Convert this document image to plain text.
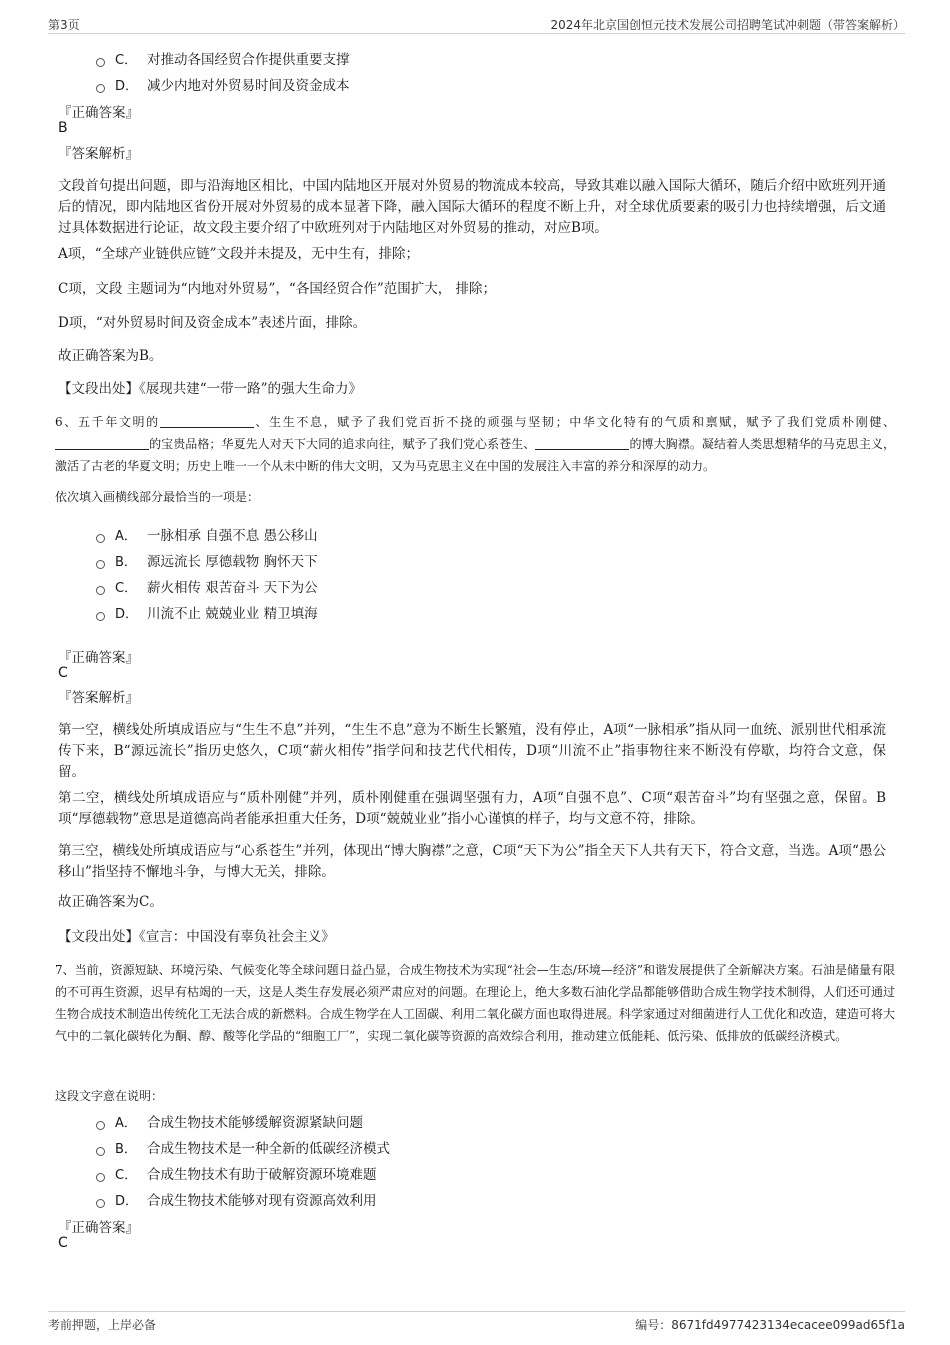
第3页	2024年北京国创恒元技术发展公司招聘笔试冲刺题（带答案解析）
C． 对推动各国经贸合作提供重要支撑
D． 减少内地对外贸易时间及资金成本
『正确答案』
B
『答案解析』
文段首句提出问题，即与沿海地区相比，中国内陆地区开展对外贸易的物流成本较高，导致其难以融入国际大循环，随后介绍中欧班列开通后的情况，即内陆地区省份开展对外贸易的成本显著下降，融入国际大循环的程度不断上升，对全球优质要素的吸引力也持续增强，后文通过具体数据进行论证，故文段主要介绍了中欧班列对于内陆地区对外贸易的推动，对应B项。
A项，“全球产业链供应链”文段并未提及，无中生有，排除；
C项，文段 主题词为“内地对外贸易”，“各国经贸合作”范围扩大， 排除；
D项，“对外贸易时间及资金成本”表述片面，排除。
故正确答案为B。
【文段出处】《展现共建“一带一路”的强大生命力》
6、五千年文明的	、生生不息，赋予了我们党百折不挠的顽强与坚韧；中华文化特有的气质和禀赋，赋予了我们党质朴刚健、的宝贵品格；华夏先人对天下大同的追求向往，赋予了我们党心系苍生、	的博大胸襟。凝结着人类思想精华的马克思主义，激活了古老的华夏文明；历史上唯一一个从未中断的伟大文明，又为马克思主义在中国的发展注入丰富的养分和深厚的动力。
依次填入画横线部分最恰当的一项是：
A． 一脉相承 自强不息 愚公移山
B． 源远流长 厚德载物 胸怀天下
C． 薪火相传 艰苦奋斗 天下为公
D． 川流不止 兢兢业业 精卫填海
『正确答案』
C
『答案解析』
第一空，横线处所填成语应与“生生不息”并列，“生生不息”意为不断生长繁殖，没有停止，A项“一脉相承”指从同一血统、派别世代相承流传下来，B“源远流长”指历史悠久，C项“薪火相传”指学问和技艺代代相传，D项“川流不止”指事物往来不断没有停歇，均符合文意，保留。
第二空，横线处所填成语应与“质朴刚健”并列，质朴刚健重在强调坚强有力，A项“自强不息”、C项“艰苦奋斗”均有坚强之意，保留。B项“厚德载物”意思是道德高尚者能承担重大任务，D项“兢兢业业”指小心谨慎的样子，均与文意不符，排除。
第三空，横线处所填成语应与“心系苍生”并列，体现出“博大胸襟”之意，C项“天下为公”指全天下人共有天下，符合文意，当选。A项“愚公移山”指坚持不懈地斗争，与博大无关，排除。
故正确答案为C。
【文段出处】《宣言：中国没有辜负社会主义》
7、当前，资源短缺、环境污染、气候变化等全球问题日益凸显，合成生物技术为实现“社会—生态/环境—经济”和谐发展提供了全新解决方案。石油是储量有限的不可再生资源，迟早有枯竭的一天，这是人类生存发展必须严肃应对的问题。在理论上，绝大多数石油化学品都能够借助合成生物学技术制得，人们还可通过生物合成技术制造出传统化工无法合成的新燃料。合成生物学在人工固碳、利用二氧化碳方面也取得进展。科学家通过对细菌进行人工优化和改造，建造可将大气中的二氧化碳转化为酮、醇、酸等化学品的“细胞工厂”，实现二氧化碳等资源的高效综合利用，推动建立低能耗、低污染、低排放的低碳经济模式。
这段文字意在说明：
A． 合成生物技术能够缓解资源紧缺问题
B． 合成生物技术是一种全新的低碳经济模式
C． 合成生物技术有助于破解资源环境难题
D． 合成生物技术能够对现有资源高效利用
『正确答案』
C
考前押题，上岸必备	编号：8671fd4977423134ecacee099ad65f1a
